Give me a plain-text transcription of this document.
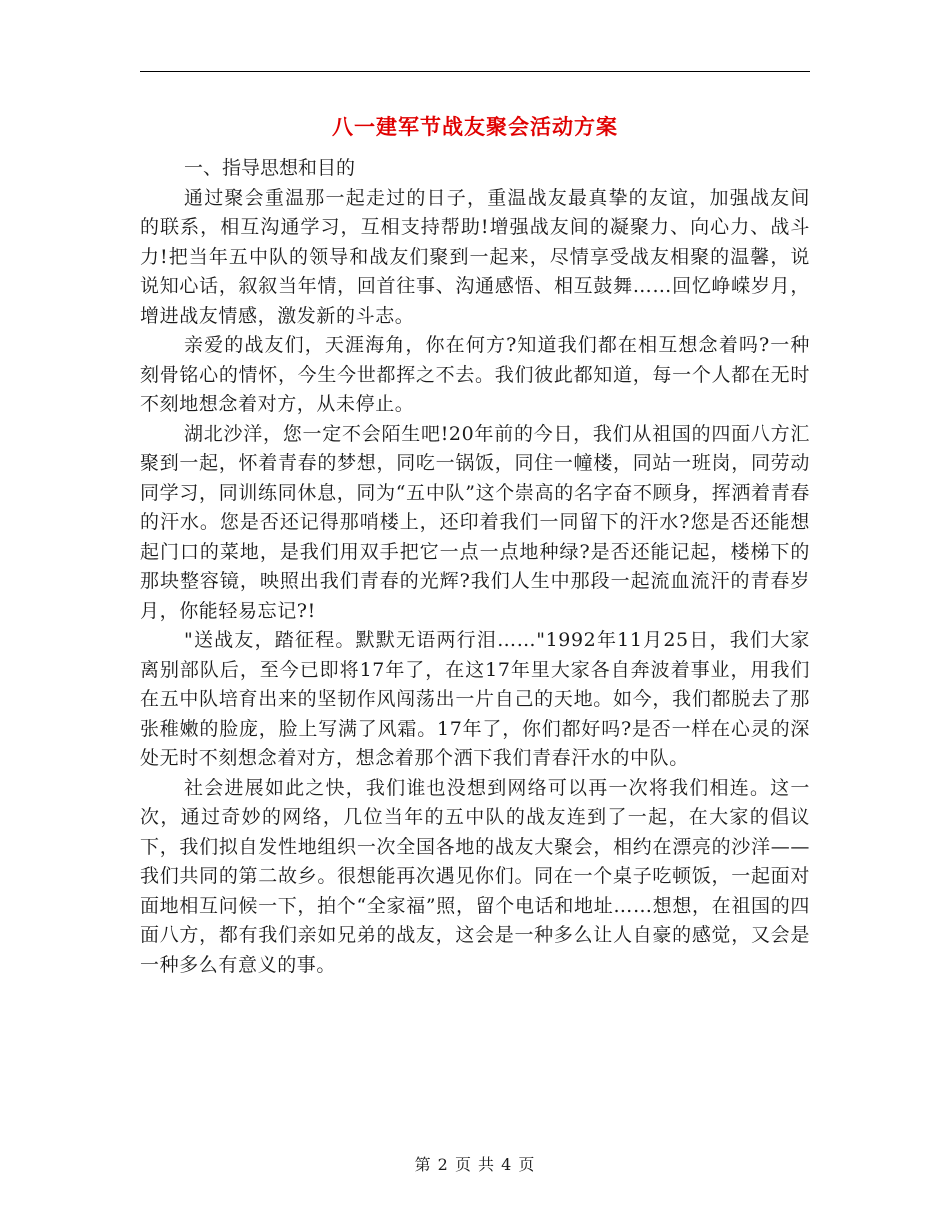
八一建军节战友聚会活动方案

一、指导思想和目的

通过聚会重温那一起走过的日子，重温战友最真挚的友谊，加强战友间的联系，相互沟通学习，互相支持帮助!增强战友间的凝聚力、向心力、战斗力!把当年五中队的领导和战友们聚到一起来，尽情享受战友相聚的温馨，说说知心话，叙叙当年情，回首往事、沟通感悟、相互鼓舞……回忆峥嵘岁月，增进战友情感，激发新的斗志。

亲爱的战友们，天涯海角，你在何方?知道我们都在相互想念着吗?一种刻骨铭心的情怀，今生今世都挥之不去。我们彼此都知道，每一个人都在无时不刻地想念着对方，从未停止。

湖北沙洋，您一定不会陌生吧!20年前的今日，我们从祖国的四面八方汇聚到一起，怀着青春的梦想，同吃一锅饭，同住一幢楼，同站一班岗，同劳动同学习，同训练同休息，同为“五中队”这个崇高的名字奋不顾身，挥洒着青春的汗水。您是否还记得那哨楼上，还印着我们一同留下的汗水?您是否还能想起门口的菜地，是我们用双手把它一点一点地种绿?是否还能记起，楼梯下的那块整容镜，映照出我们青春的光辉?我们人生中那段一起流血流汗的青春岁月，你能轻易忘记?!

"送战友，踏征程。默默无语两行泪……"1992年11月25日，我们大家离别部队后，至今已即将17年了，在这17年里大家各自奔波着事业，用我们在五中队培育出来的坚韧作风闯荡出一片自己的天地。如今，我们都脱去了那张稚嫩的脸庞，脸上写满了风霜。17年了，你们都好吗?是否一样在心灵的深处无时不刻想念着对方，想念着那个洒下我们青春汗水的中队。

社会进展如此之快，我们谁也没想到网络可以再一次将我们相连。这一次，通过奇妙的网络，几位当年的五中队的战友连到了一起，在大家的倡议下，我们拟自发性地组织一次全国各地的战友大聚会，相约在漂亮的沙洋——我们共同的第二故乡。很想能再次遇见你们。同在一个桌子吃顿饭，一起面对面地相互问候一下，拍个“全家福”照，留个电话和地址……想想，在祖国的四面八方，都有我们亲如兄弟的战友，这会是一种多么让人自豪的感觉，又会是一种多么有意义的事。

第 2 页 共 4 页
